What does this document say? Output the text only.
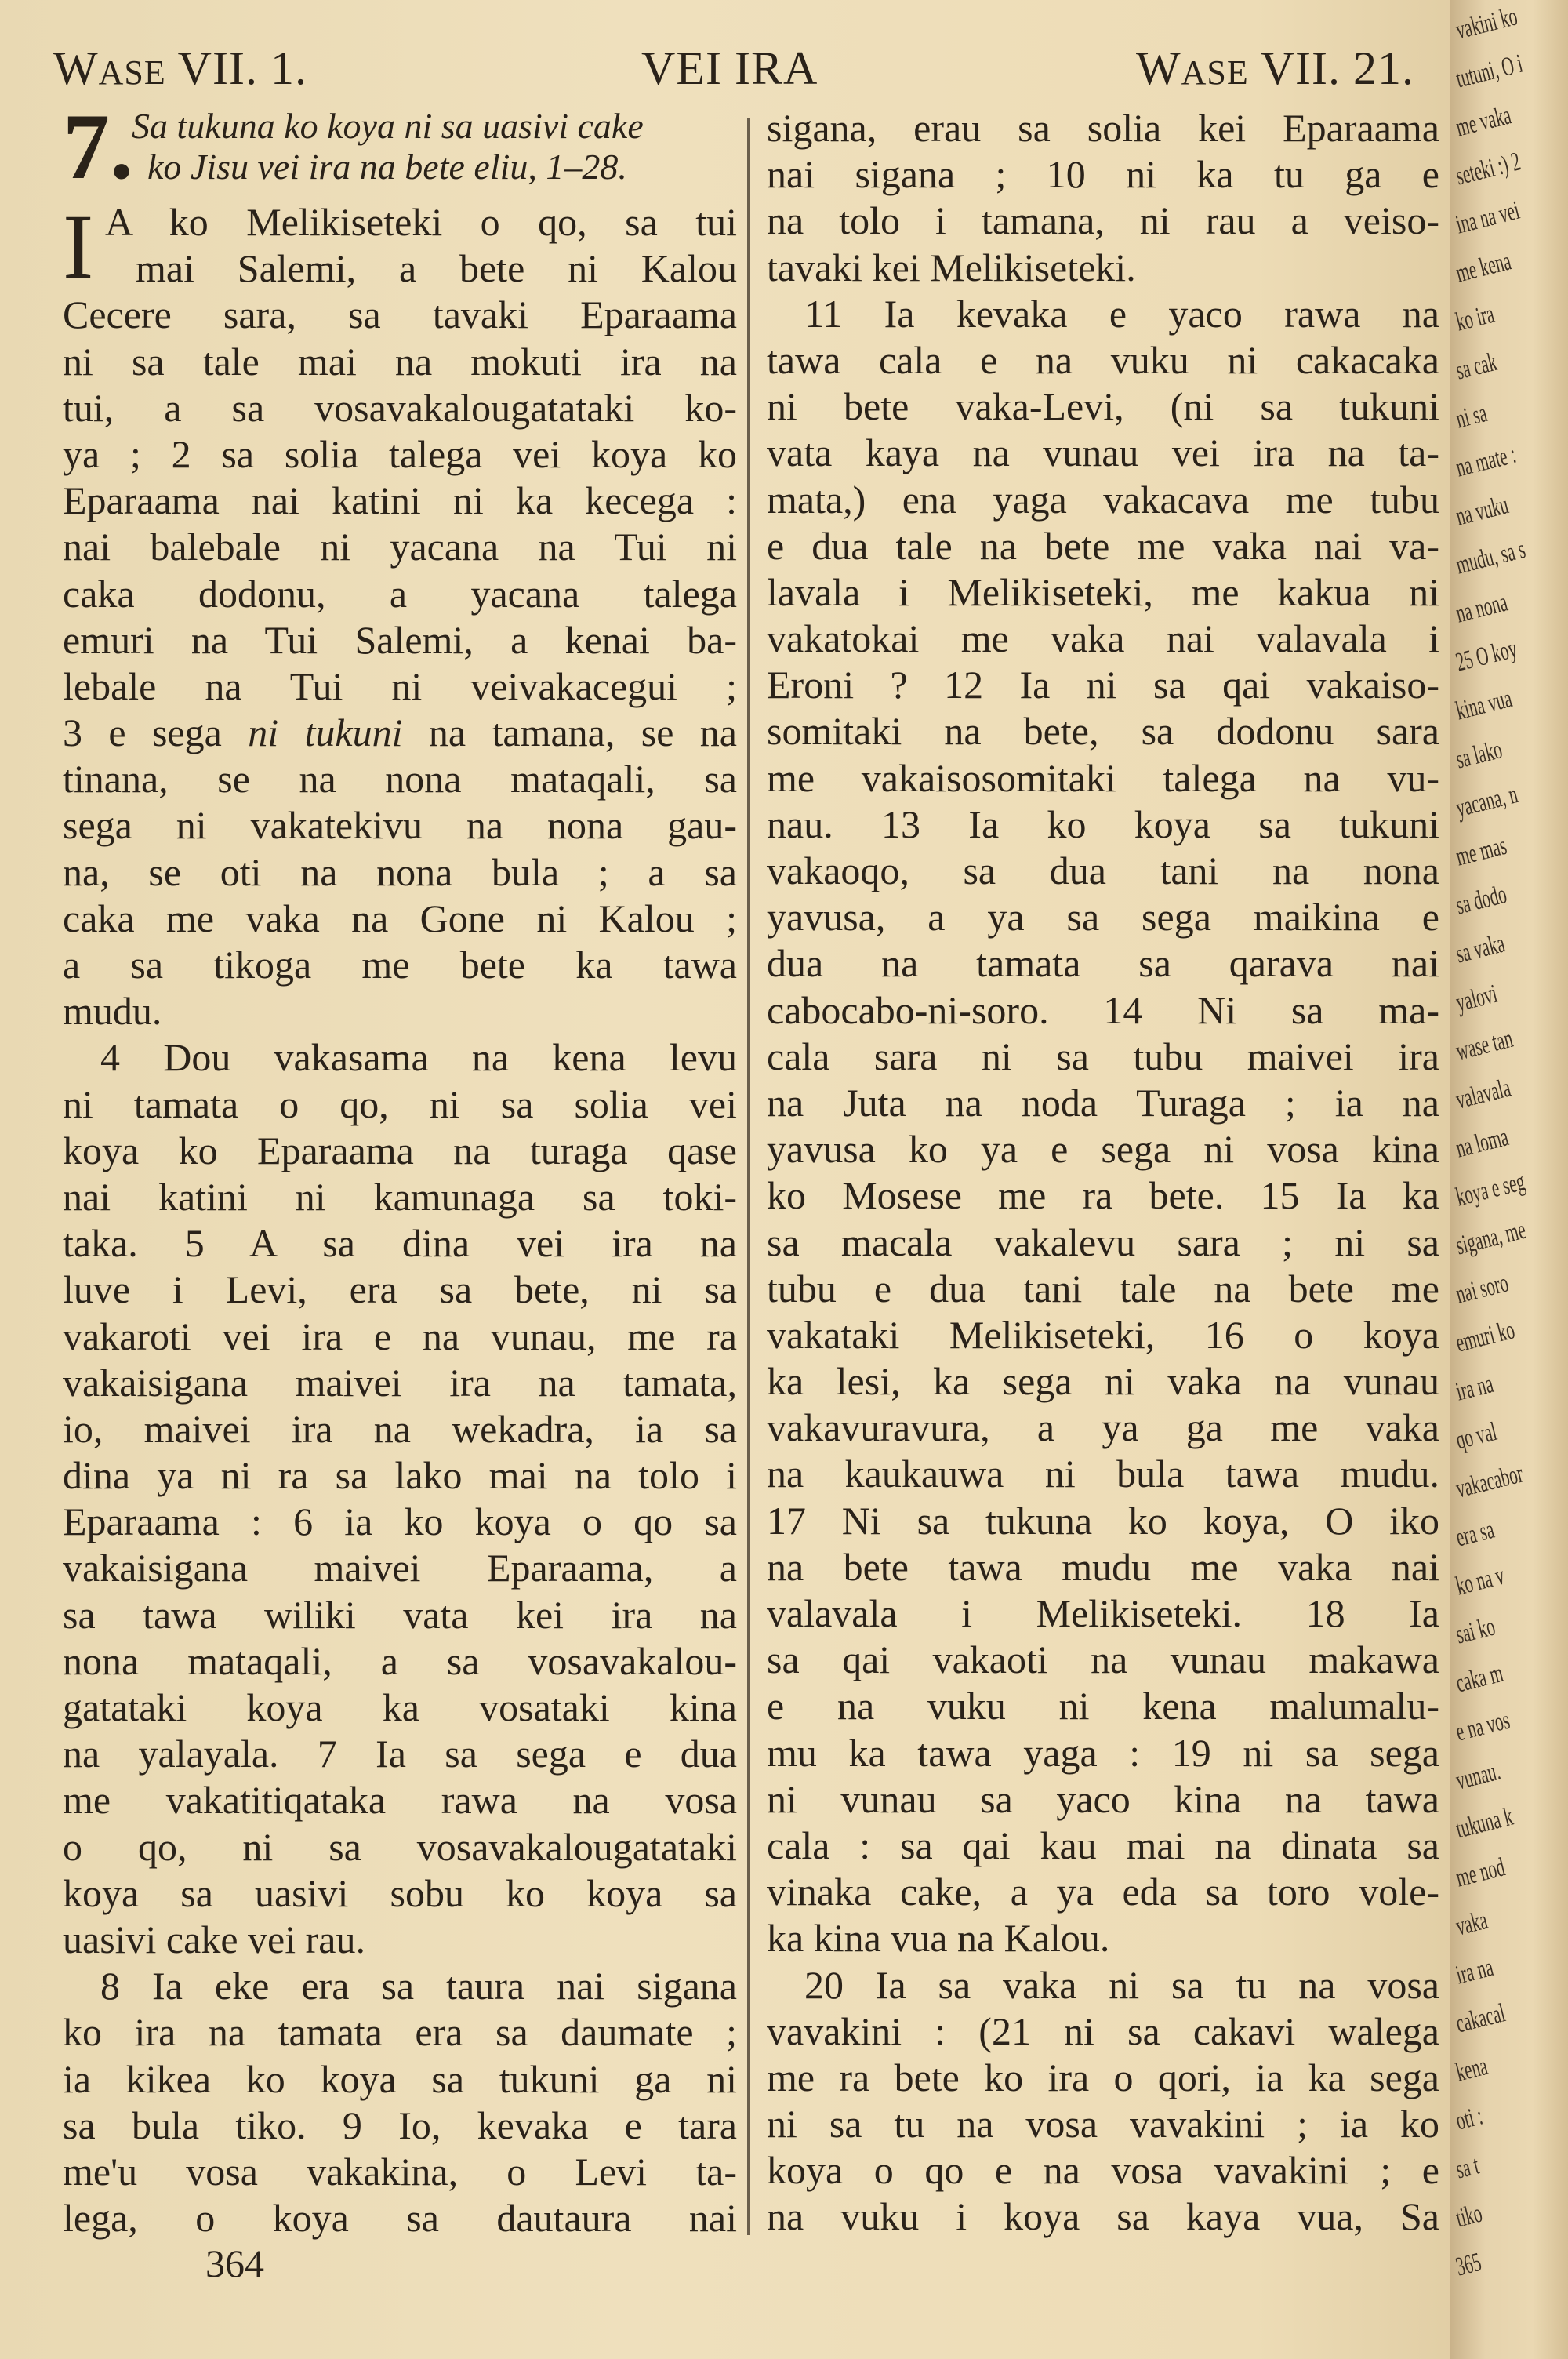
WASE VII. 1.	VEI IRA	WASE VII. 21.
7.
Sa tukuna ko koya ni sa uasivi cake
ko Jisu vei ira na bete eliu, 1–28.
I A ko Melikiseteki o qo, sa tui
mai Salemi, a bete ni Kalou
Cecere sara, sa tavaki Eparaama
ni sa tale mai na mokuti ira na
tui, a sa vosavakalougatataki ko-
ya ; 2 sa solia talega vei koya ko
Eparaama nai katini ni ka kecega :
nai balebale ni yacana na Tui ni
caka dodonu, a yacana talega
emuri na Tui Salemi, a kenai ba-
lebale na Tui ni veivakacegui ;
3 e sega ni tukuni na tamana, se na
tinana, se na nona mataqali, sa
sega ni vakatekivu na nona gau-
na, se oti na nona bula ; a sa
caka me vaka na Gone ni Kalou ;
a sa tikoga me bete ka tawa
mudu.
4 Dou vakasama na kena levu
ni tamata o qo, ni sa solia vei
koya ko Eparaama na turaga qase
nai katini ni kamunaga sa toki-
taka. 5 A sa dina vei ira na
luve i Levi, era sa bete, ni sa
vakaroti vei ira e na vunau, me ra
vakaisigana maivei ira na tamata,
io, maivei ira na wekadra, ia sa
dina ya ni ra sa lako mai na tolo i
Eparaama : 6 ia ko koya o qo sa
vakaisigana maivei Eparaama, a
sa tawa wiliki vata kei ira na
nona mataqali, a sa vosavakalou-
gatataki koya ka vosataki kina
na yalayala. 7 Ia sa sega e dua
me vakatitiqataka rawa na vosa
o qo, ni sa vosavakalougatataki
koya sa uasivi sobu ko koya sa
uasivi cake vei rau.
8 Ia eke era sa taura nai sigana
ko ira na tamata era sa daumate ;
ia kikea ko koya sa tukuni ga ni
sa bula tiko. 9 Io, kevaka e tara
me'u vosa vakakina, o Levi ta-
lega, o koya sa dautaura nai
sigana, erau sa solia kei Eparaama
nai sigana ; 10 ni ka tu ga e
na tolo i tamana, ni rau a veiso-
tavaki kei Melikiseteki.
11 Ia kevaka e yaco rawa na
tawa cala e na vuku ni cakacaka
ni bete vaka-Levi, (ni sa tukuni
vata kaya na vunau vei ira na ta-
mata,) ena yaga vakacava me tubu
e dua tale na bete me vaka nai va-
lavala i Melikiseteki, me kakua ni
vakatokai me vaka nai valavala i
Eroni ? 12 Ia ni sa qai vakaiso-
somitaki na bete, sa dodonu sara
me vakaisosomitaki talega na vu-
nau. 13 Ia ko koya sa tukuni
vakaoqo, sa dua tani na nona
yavusa, a ya sa sega maikina e
dua na tamata sa qarava nai
cabocabo-ni-soro. 14 Ni sa ma-
cala sara ni sa tubu maivei ira
na Juta na noda Turaga ; ia na
yavusa ko ya e sega ni vosa kina
ko Mosese me ra bete. 15 Ia ka
sa macala vakalevu sara ; ni sa
tubu e dua tani tale na bete me
vakataki Melikiseteki, 16 o koya
ka lesi, ka sega ni vaka na vunau
vakavuravura, a ya ga me vaka
na kaukauwa ni bula tawa mudu.
17 Ni sa tukuna ko koya, O iko
na bete tawa mudu me vaka nai
valavala i Melikiseteki. 18 Ia
sa qai vakaoti na vunau makawa
e na vuku ni kena malumalu-
mu ka tawa yaga : 19 ni sa sega
ni vunau sa yaco kina na tawa
cala : sa qai kau mai na dinata sa
vinaka cake, a ya eda sa toro vole-
ka kina vua na Kalou.
20 Ia sa vaka ni sa tu na vosa
vavakini : (21 ni sa cakavi walega
me ra bete ko ira o qori, ia ka sega
ni sa tu na vosa vavakini ; ia ko
koya o qo e na vosa vavakini ; e
na vuku i koya sa kaya vua, Sa
364
vakini ko
tutuni, O i
me vaka
seteki :) 2
ina na vei
me kena
ko ira
sa cak
ni sa
na mate :
na vuku
mudu, sa s
na nona
25 O koy
kina vua
sa lako
yacana, n
me mas
sa dodo
sa vaka
yalovi
wase tan
valavala
na loma
koya e seg
sigana, me
nai soro
emuri ko
ira na
qo val
vakacabor
era sa
ko na v
sai ko
caka m
e na vos
vunau.
tukuna k
me nod
vaka
ira na
cakacal
kena
oti :
sa t
tiko
365
